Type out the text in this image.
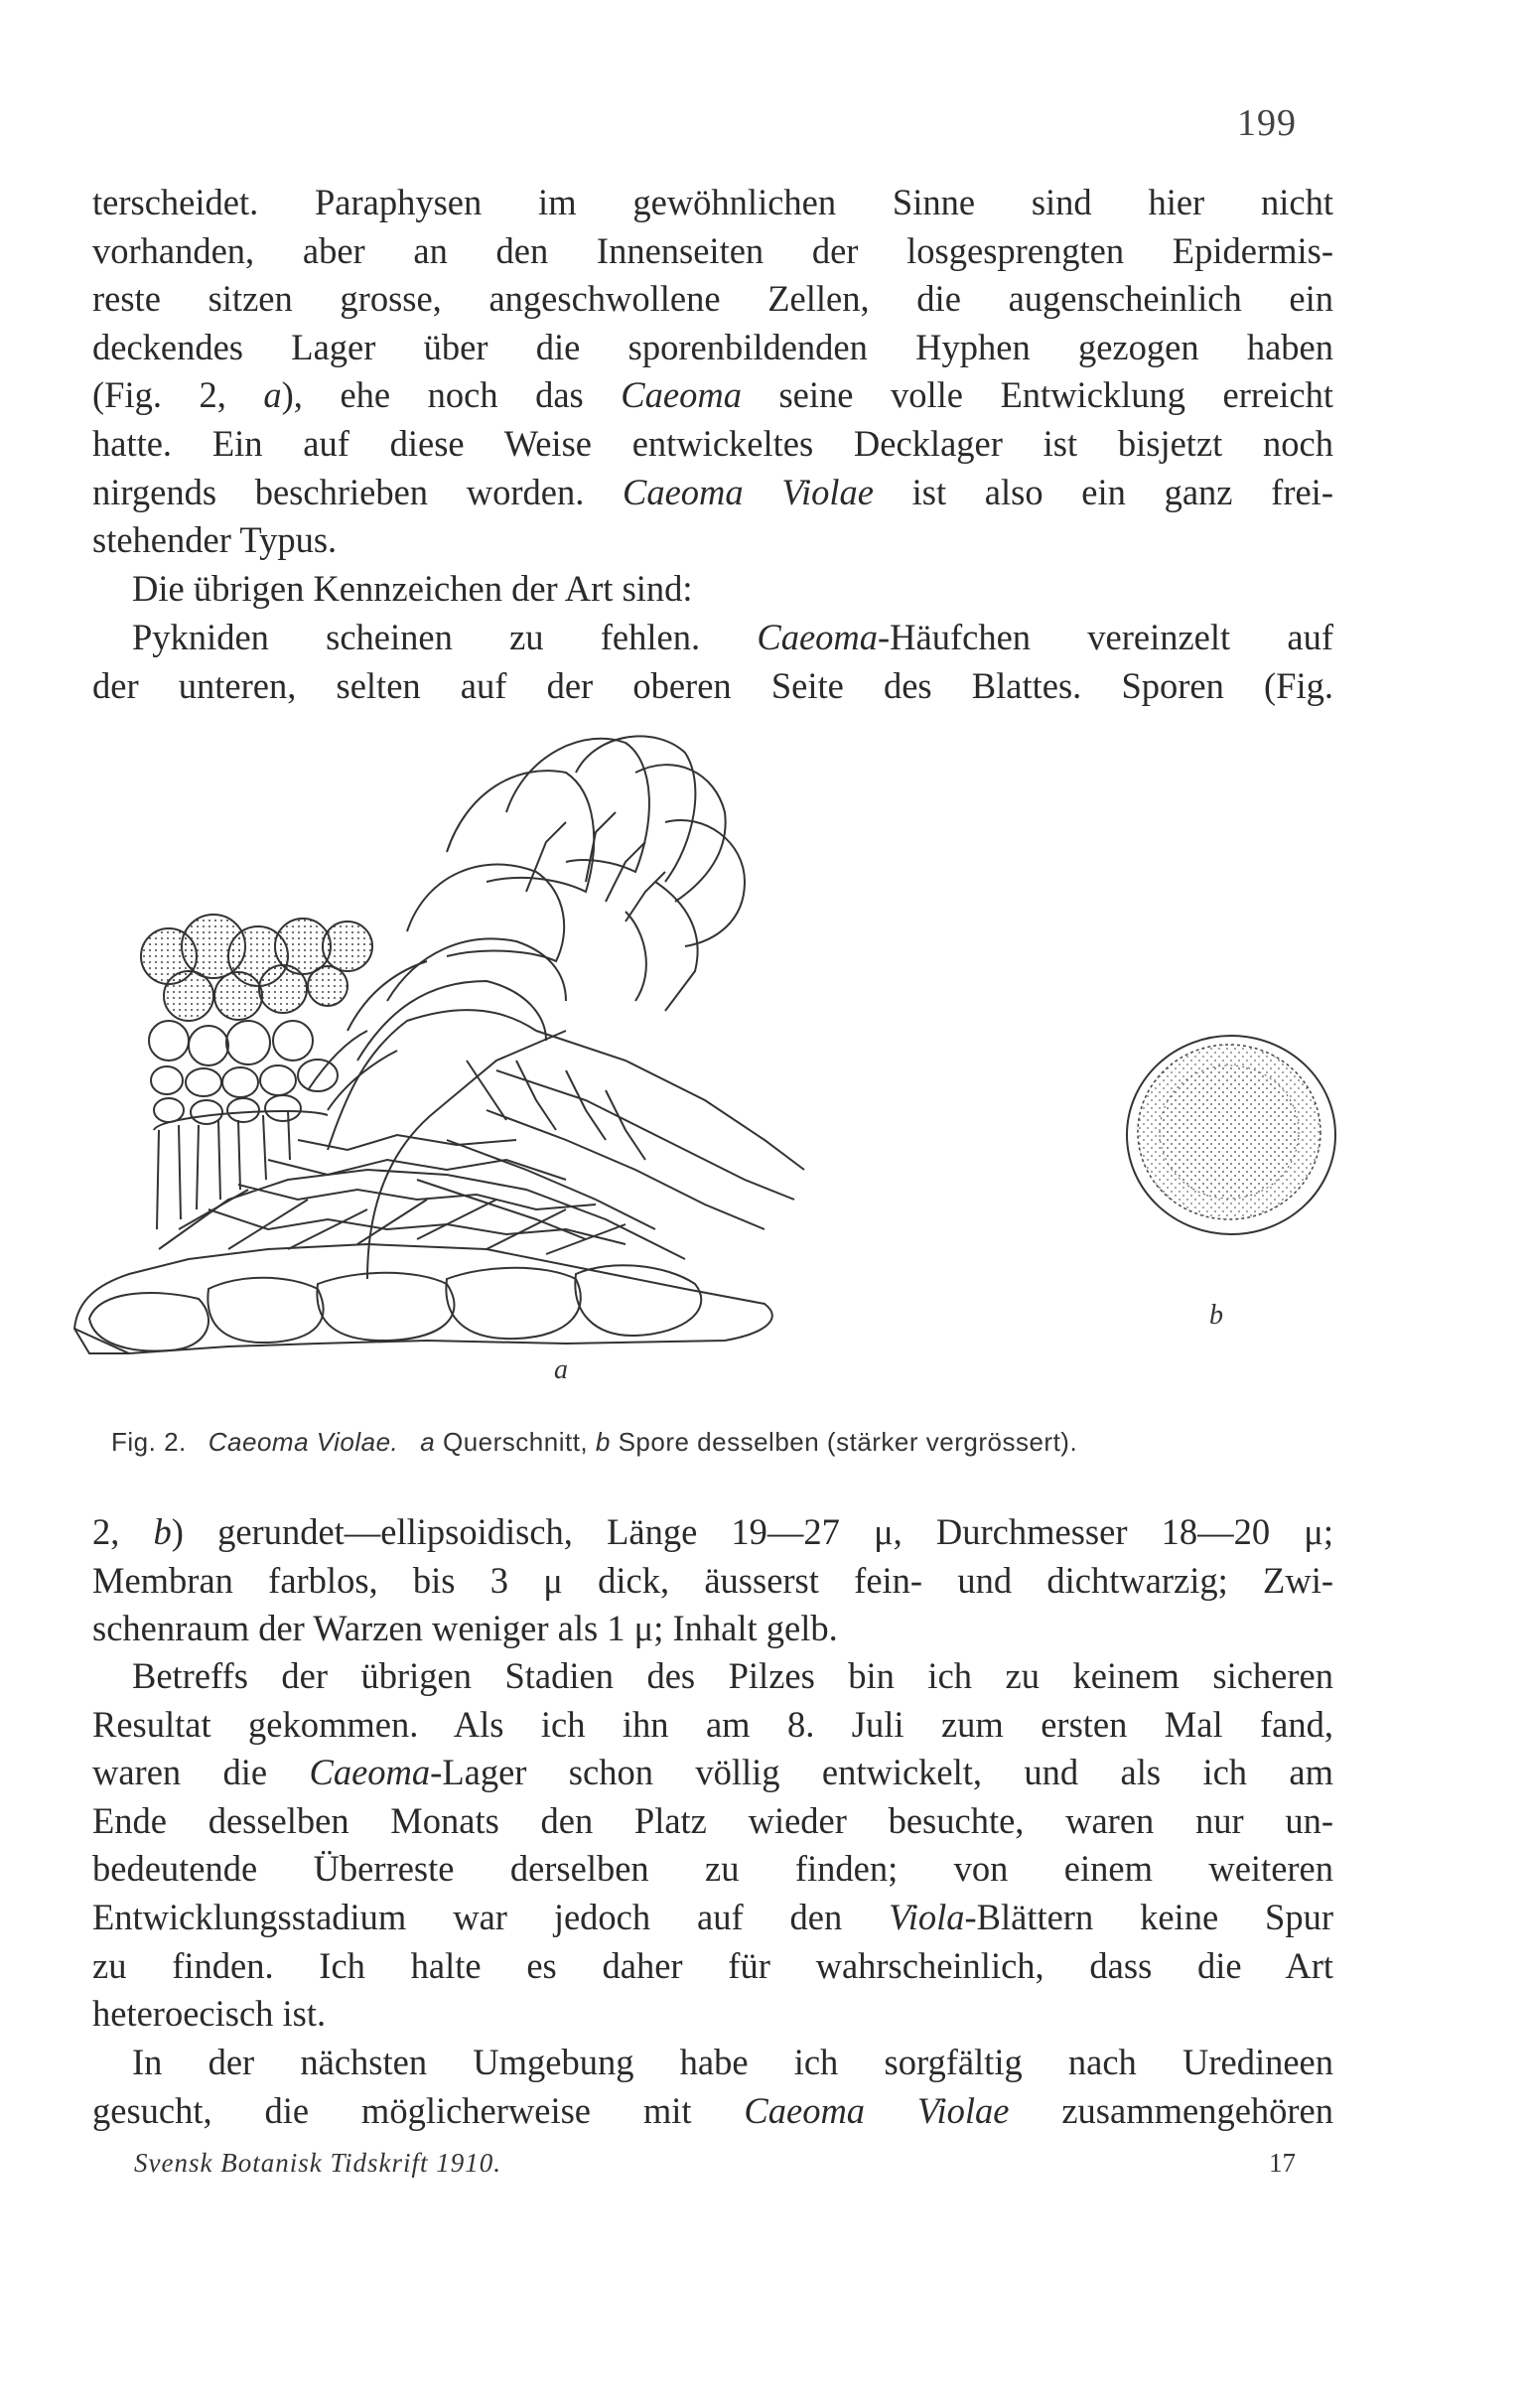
199
terscheidet. Paraphysen im gewöhnlichen Sinne sind hier nicht
vorhanden, aber an den Innenseiten der losgesprengten Epidermis-
reste sitzen grosse, angeschwollene Zellen, die augenscheinlich ein
deckendes Lager über die sporenbildenden Hyphen gezogen haben
(Fig. 2, a), ehe noch das Caeoma seine volle Entwicklung erreicht
hatte. Ein auf diese Weise entwickeltes Decklager ist bisjetzt noch
nirgends beschrieben worden. Caeoma Violae ist also ein ganz frei-
stehender Typus.
Die übrigen Kennzeichen der Art sind:
Pykniden scheinen zu fehlen. Caeoma-Häufchen vereinzelt auf
der unteren, selten auf der oberen Seite des Blattes. Sporen (Fig.
a
b
Fig. 2. Caeoma Violae. a Querschnitt, b Spore desselben (stärker vergrössert).
2, b) gerundet—ellipsoidisch, Länge 19—27 μ, Durchmesser 18—20 μ;
Membran farblos, bis 3 μ dick, äusserst fein- und dichtwarzig; Zwi-
schenraum der Warzen weniger als 1 μ; Inhalt gelb.
Betreffs der übrigen Stadien des Pilzes bin ich zu keinem sicheren
Resultat gekommen. Als ich ihn am 8. Juli zum ersten Mal fand,
waren die Caeoma-Lager schon völlig entwickelt, und als ich am
Ende desselben Monats den Platz wieder besuchte, waren nur un-
bedeutende Überreste derselben zu finden; von einem weiteren
Entwicklungsstadium war jedoch auf den Viola-Blättern keine Spur
zu finden. Ich halte es daher für wahrscheinlich, dass die Art
heteroecisch ist.
In der nächsten Umgebung habe ich sorgfältig nach Uredineen
gesucht, die möglicherweise mit Caeoma Violae zusammengehören
Svensk Botanisk Tidskrift 1910.	17
